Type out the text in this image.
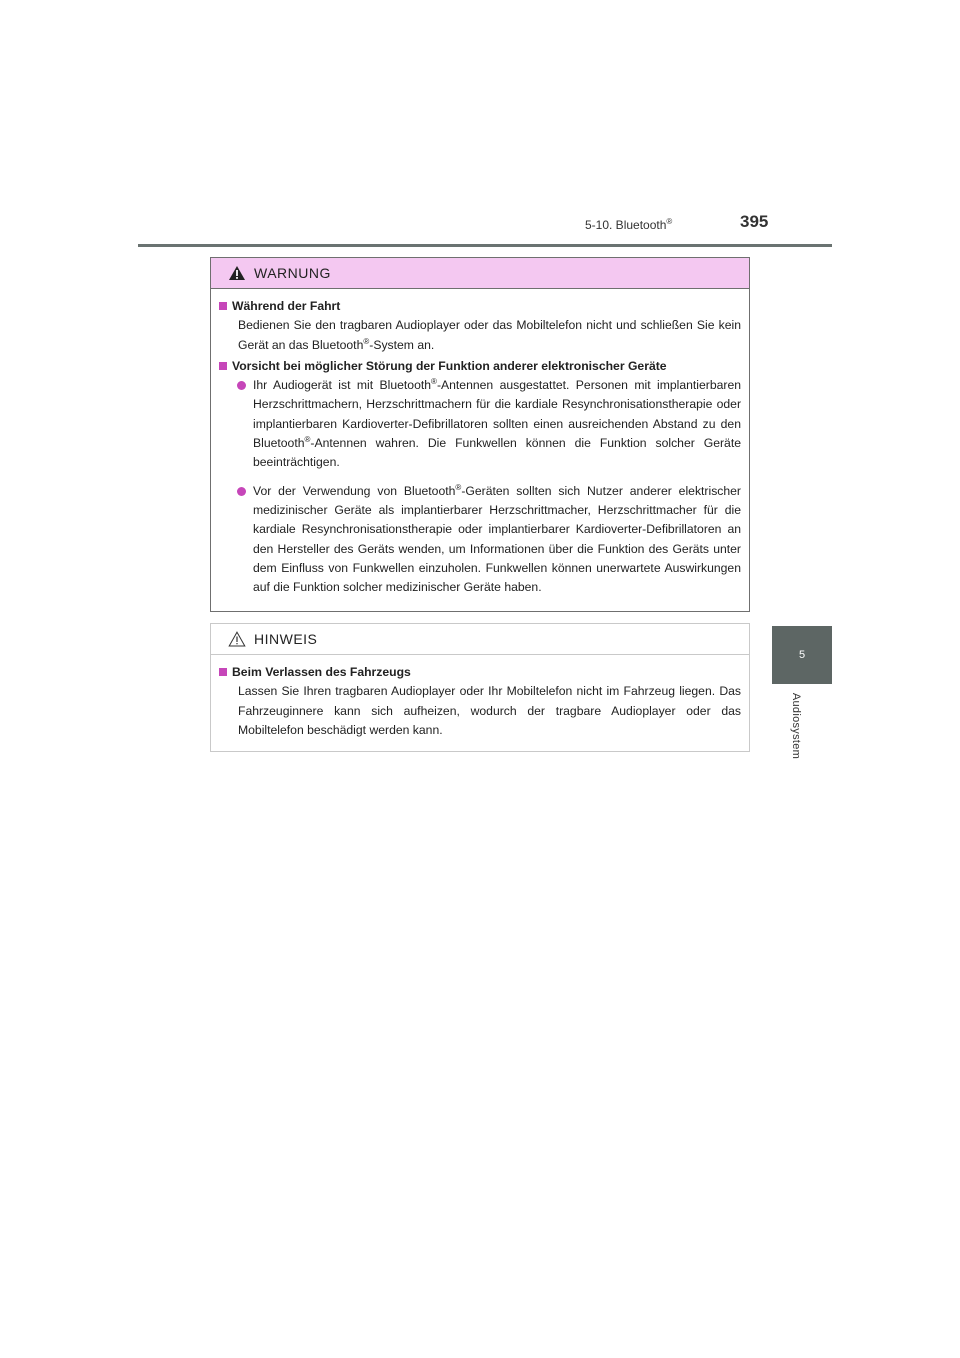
5-10. Bluetooth®	395
5
Audiosystem
WARNUNG
Während der Fahrt
Bedienen Sie den tragbaren Audioplayer oder das Mobiltelefon nicht und schließen Sie kein Gerät an das Bluetooth®-System an.
Vorsicht bei möglicher Störung der Funktion anderer elektronischer Geräte
Ihr Audiogerät ist mit Bluetooth®-Antennen ausgestattet. Personen mit implantierbaren Herzschrittmachern, Herzschrittmachern für die kardiale Resynchronisationstherapie oder implantierbaren Kardioverter-Defibrillatoren sollten einen ausreichenden Abstand zu den Bluetooth®-Antennen wahren. Die Funkwellen können die Funktion solcher Geräte beeinträchtigen.
Vor der Verwendung von Bluetooth®-Geräten sollten sich Nutzer anderer elektrischer medizinischer Geräte als implantierbarer Herzschrittmacher, Herzschrittmacher für die kardiale Resynchronisationstherapie oder implantierbarer Kardioverter-Defibrillatoren an den Hersteller des Geräts wenden, um Informationen über die Funktion des Geräts unter dem Einfluss von Funkwellen einzuholen. Funkwellen können unerwartete Auswirkungen auf die Funktion solcher medizinischer Geräte haben.
HINWEIS
Beim Verlassen des Fahrzeugs
Lassen Sie Ihren tragbaren Audioplayer oder Ihr Mobiltelefon nicht im Fahrzeug liegen. Das Fahrzeuginnere kann sich aufheizen, wodurch der tragbare Audioplayer oder das Mobiltelefon beschädigt werden kann.
